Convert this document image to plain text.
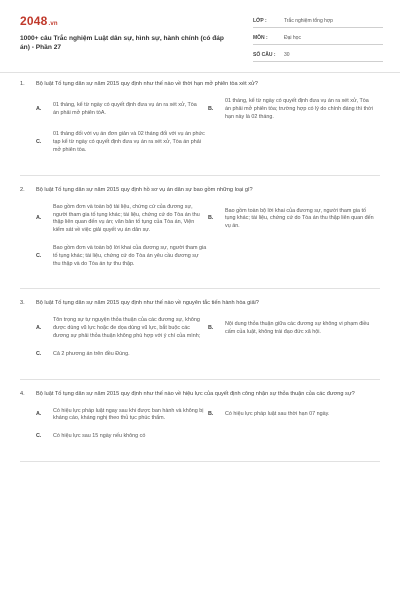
2048.vn
1000+ câu Trắc nghiệm Luật dân sự, hình sự, hành chính (có đáp án) - Phần 27
LỚP :	Trắc nghiệm tổng hợp
MÔN :	Đại học
SỐ CÂU : 30
1.	Bộ luật Tố tụng dân sự năm 2015 quy định như thế nào về thời hạn mở phiên tòa xét xử?
A.
01 tháng, kể từ ngày có quyết định đưa vụ án ra xét xử, Tòa án phải mở phiên tòA.
B.
01 tháng, kể từ ngày có quyết định đưa vụ án ra xét xử, Tòa án phải mở phiên tòa; trường hợp có lý do chính đáng thì thời hạn này là 02 tháng.
C.
01 tháng đối với vụ án đơn giản và 02 tháng đối với vụ án phức tạp kể từ ngày có quyết định đưa vụ án ra xét xử, Tòa án phải mở phiên tòa.
2.	Bộ luật Tố tụng dân sự năm 2015 quy định hồ sơ vụ án dân sự bao gồm những loại gì?
A.
Bao gồm đơn và toàn bộ tài liệu, chứng cứ của đương sự, người tham gia tố tụng khác; tài liệu, chứng cứ do Tòa án thu thập liên quan đến vụ án; văn bản tố tụng của Tòa án, Viện kiểm sát về việc giải quyết vụ án dân sự.
B.
Bao gồm toàn bộ lời khai của đương sự, người tham gia tố tụng khác; tài liệu, chứng cứ do Tòa án thu thập liên quan đến vụ án.
C.
Bao gồm đơn và toàn bộ lời khai của đương sự, người tham gia tố tụng khác; tài liệu, chứng cứ do Tòa án yêu cầu đương sự thu thập và do Tòa án tự thu thập.
3.	Bộ luật Tố tụng dân sự năm 2015 quy định như thế nào về nguyên tắc tiến hành hòa giải?
A.
Tôn trọng sự tự nguyện thỏa thuận của các đương sự, không được dùng vũ lực hoặc đe dọa dùng vũ lực, bắt buộc các đương sự phải thỏa thuận không phù hợp với ý chí của mình;
B.
Nội dung thỏa thuận giữa các đương sự không vi phạm điều cấm của luật, không trái đạo đức xã hội.
C.	Cả 2 phương án trên đều Đúng.
4.	Bộ luật Tố tụng dân sự năm 2015 quy định như thế nào về hiệu lực của quyết định công nhận sự thỏa thuận của các đương sự?
A.
Có hiệu lực pháp luật ngay sau khi được ban hành và không bị kháng cáo, kháng nghị theo thủ tục phúc thẩm.
B.	Có hiệu lực pháp luật sau thời hạn 07 ngày.
C.	Có hiệu lực sau 15 ngày nếu không có
